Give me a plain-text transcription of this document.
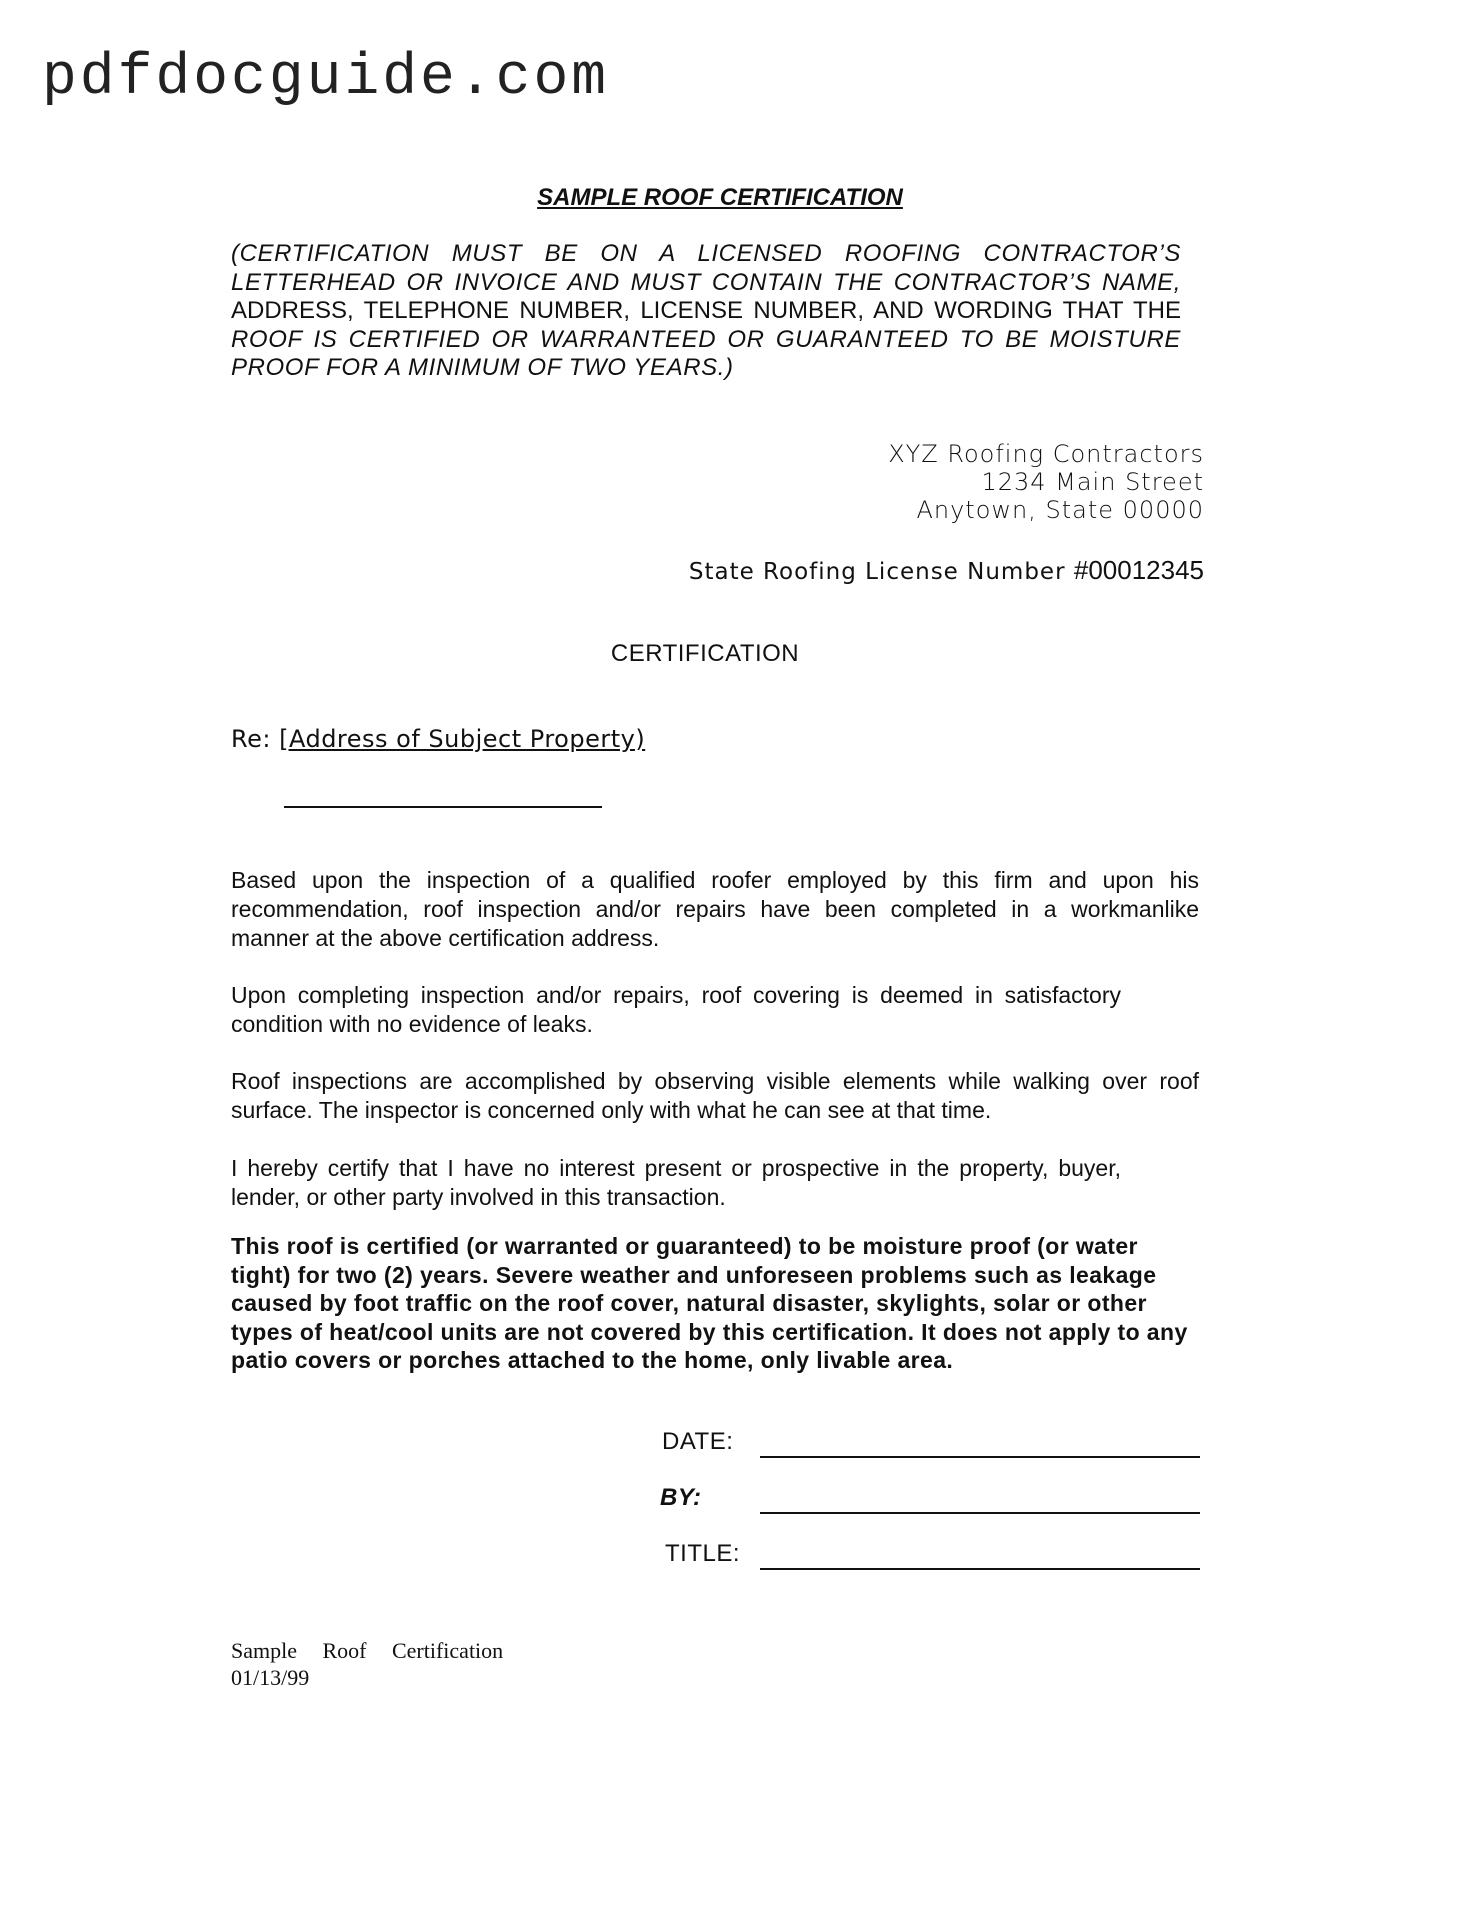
pdfdocguide.com
SAMPLE ROOF CERTIFICATION
(CERTIFICATION MUST BE ON A LICENSED ROOFING CONTRACTOR’S
LETTERHEAD OR INVOICE AND MUST CONTAIN THE CONTRACTOR’S NAME,
ADDRESS, TELEPHONE NUMBER, LICENSE NUMBER, AND WORDING THAT THE
ROOF IS CERTIFIED OR WARRANTEED OR GUARANTEED TO BE MOISTURE
PROOF FOR A MINIMUM OF TWO YEARS.)
XYZ Roofing Contractors
1234 Main Street
Anytown, State 00000
State Roofing License Number #00012345
CERTIFICATION
Re: [Address of Subject Property)
Based upon the inspection of a qualified roofer employed by this firm and upon his
recommendation, roof inspection and/or repairs have been completed in a workmanlike
manner at the above certification address.
Upon completing inspection and/or repairs, roof covering is deemed in satisfactory
condition with no evidence of leaks.
Roof inspections are accomplished by observing visible elements while walking over roof
surface. The inspector is concerned only with what he can see at that time.
I hereby certify that I have no interest present or prospective in the property, buyer,
lender, or other party involved in this transaction.
This roof is certified (or warranted or guaranteed) to be moisture proof (or water tight) for two (2) years. Severe weather and unforeseen problems such as leakage caused by foot traffic on the roof cover, natural disaster, skylights, solar or other types of heat/cool units are not covered by this certification. It does not apply to any patio covers or porches attached to the home, only livable area.
DATE:
BY:
TITLE:
Sample Roof Certification
01/13/99
